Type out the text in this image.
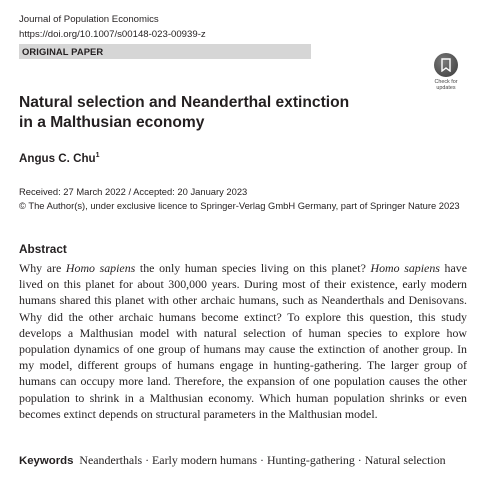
Journal of Population Economics
https://doi.org/10.1007/s00148-023-00939-z
ORIGINAL PAPER
Check for updates
Natural selection and Neanderthal extinction
in a Malthusian economy
Angus C. Chu$^1$
Received: 27 March 2022 / Accepted: 20 January 2023
© The Author(s), under exclusive licence to Springer-Verlag GmbH Germany, part of Springer Nature 2023
Abstract
Why are Homo sapiens the only human species living on this planet? Homo sapiens have lived on this planet for about 300,000 years. During most of their existence, early modern humans shared this planet with other archaic humans, such as Neanderthals and Denisovans. Why did the other archaic humans become extinct? To explore this question, this study develops a Malthusian model with natural selection of human species to explore how population dynamics of one group of humans may cause the extinction of another group. In my model, different groups of humans engage in hunting-gathering. The larger group of humans can occupy more land. Therefore, the expansion of one population causes the other population to shrink in a Malthusian economy. Which human population shrinks or even becomes extinct depends on structural parameters in the Malthusian model.
Keywords Neanderthals · Early modern humans · Hunting-gathering · Natural selection
